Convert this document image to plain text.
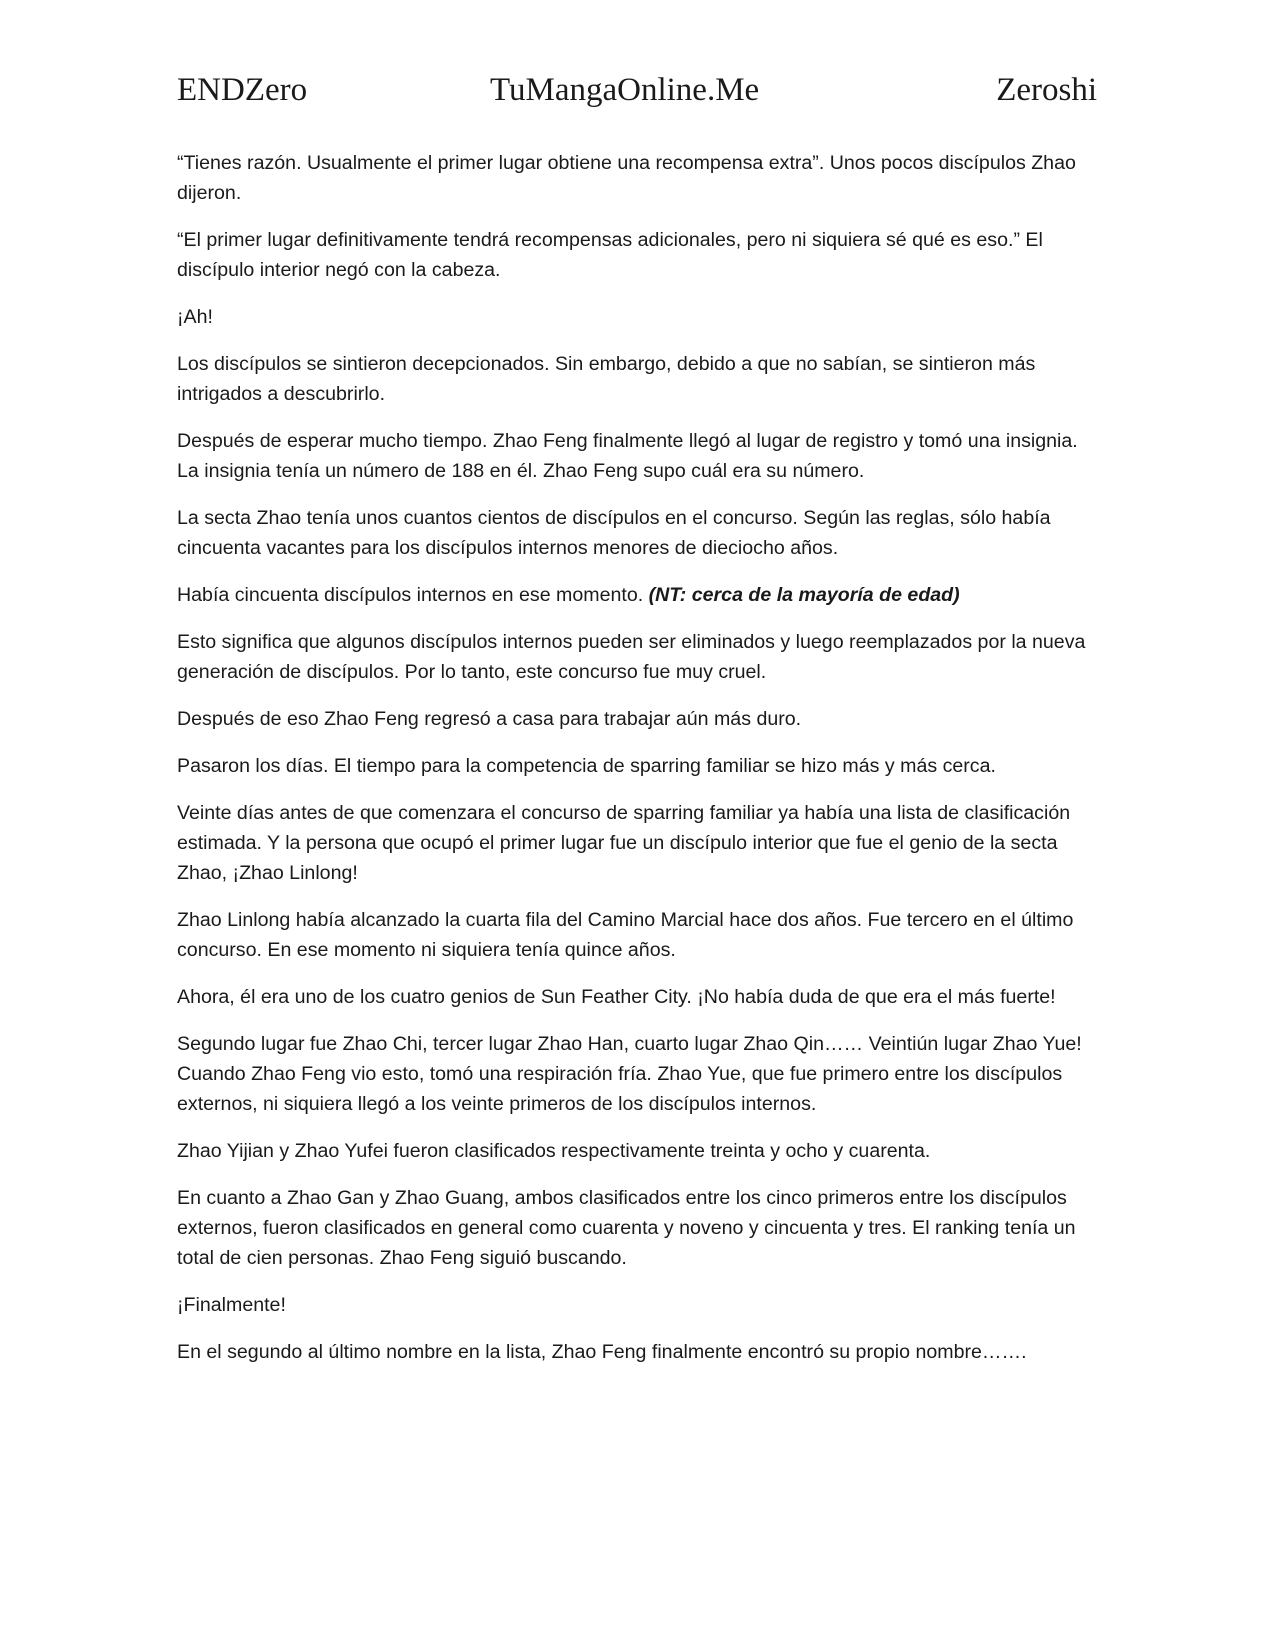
ENDZero	TuMangaOnline.Me	Zeroshi

“Tienes razón. Usualmente el primer lugar obtiene una recompensa extra”. Unos pocos discípulos Zhao dijeron.

“El primer lugar definitivamente tendrá recompensas adicionales, pero ni siquiera sé qué es eso.” El discípulo interior negó con la cabeza.

¡Ah!

Los discípulos se sintieron decepcionados. Sin embargo, debido a que no sabían, se sintieron más intrigados a descubrirlo.

Después de esperar mucho tiempo. Zhao Feng finalmente llegó al lugar de registro y tomó una insignia. La insignia tenía un número de 188 en él. Zhao Feng supo cuál era su número.

La secta Zhao tenía unos cuantos cientos de discípulos en el concurso. Según las reglas, sólo había cincuenta vacantes para los discípulos internos menores de dieciocho años.

Había cincuenta discípulos internos en ese momento. (NT: cerca de la mayoría de edad)

Esto significa que algunos discípulos internos pueden ser eliminados y luego reemplazados por la nueva generación de discípulos. Por lo tanto, este concurso fue muy cruel.

Después de eso Zhao Feng regresó a casa para trabajar aún más duro.

Pasaron los días. El tiempo para la competencia de sparring familiar se hizo más y más cerca.

Veinte días antes de que comenzara el concurso de sparring familiar ya había una lista de clasificación estimada. Y la persona que ocupó el primer lugar fue un discípulo interior que fue el genio de la secta Zhao, ¡Zhao Linlong!

Zhao Linlong había alcanzado la cuarta fila del Camino Marcial hace dos años. Fue tercero en el último concurso. En ese momento ni siquiera tenía quince años.

Ahora, él era uno de los cuatro genios de Sun Feather City. ¡No había duda de que era el más fuerte!

Segundo lugar fue Zhao Chi, tercer lugar Zhao Han, cuarto lugar Zhao Qin…… Veintiún lugar Zhao Yue! Cuando Zhao Feng vio esto, tomó una respiración fría. Zhao Yue, que fue primero entre los discípulos externos, ni siquiera llegó a los veinte primeros de los discípulos internos.

Zhao Yijian y Zhao Yufei fueron clasificados respectivamente treinta y ocho y cuarenta.

En cuanto a Zhao Gan y Zhao Guang, ambos clasificados entre los cinco primeros entre los discípulos externos, fueron clasificados en general como cuarenta y noveno y cincuenta y tres. El ranking tenía un total de cien personas. Zhao Feng siguió buscando.

¡Finalmente!

En el segundo al último nombre en la lista, Zhao Feng finalmente encontró su propio nombre…….
